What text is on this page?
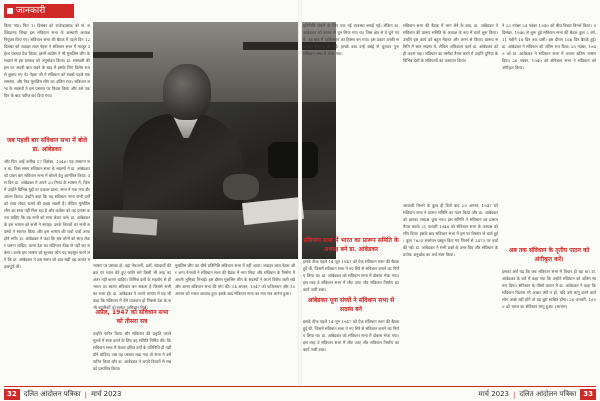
जानकारी
किया गया। फिर 1। दिसंबर को राजेन्द्रप्रसाद को सं. सच्चिदानंद सिन्हा इस संविधान सभा के अस्थायी अध्यक्ष नियुक्त किए गए। संविधान सभा की बैठक में पहले दिन 12 दिसंबर को जवाहर लाल नेहरू ने संविधान सभा में मशहूर उद्देश्य प्रस्ताव पेश किया। इसमें कांग्रेस ने भी मुसलिम लीग के सदस्य से इस प्रस्ताव को अनुमोदन किया। डा. सरस्वती की इस पर अपनी बात रखने के बाद में इसके लिए विशेष रूप से बुलाए गए थे। नेहरू जी ने संविधान को सबसे पहले एक समस्या, और फिर मुसलिम लीग का अंतिम राज। संविधान सभा के सदस्यों ने इस प्रस्ताव पर विचार किया और उसे एक दिन के बाद पारित कर दिया गया।
जब पहली बार संविधान सभा में बोले डा. आंबेडकर
और फिर आई तारीख 17 दिसंबर, 1946। यह सामान्य सत्र था, जिस समय संविधान सभा के सदस्यों ने डा. आंबेडकर को प्रथम बार संविधान सभा में बोलने हेतु आमंत्रित किया। उस दिन डा. आंबेडकर ने अपने 20 मिनट के भाषण में, जिसमें उन्होंने विभिन्न मुद्दों पर प्रकाश डाला, सभा में एक नया दौर आरंभ किया। उन्होंने कहा कि यह संविधान सभा सभी वर्गों को साथ लेकर चलने की इच्छा रखती है। लेकिन मुसलिम लीग का साथ नहीं मिल रहा है और कांग्रेस को यह प्रयास करना चाहिए कि वह सभी को साथ लेकर चले। डा. आंबेडकर के इस भाषण को सभी ने सराहा। उनके विचारों का सभी सदस्यों ने स्वागत किया और इस भाषण की चर्चा चारों तरफ होने लगी। डा. आंबेडकर ने कहा कि सब लोगों को साथ लेकर चलना चाहिए, वरना देश का संविधान ठीक से नहीं बन सकेगा। उनके इस भाषण को सुनकर लोग यह महसूस करने लगे कि डा. आंबेडकर ने उस समय जो बात रखी वह अत्यंत महत्वपूर्ण थी।	भाषण पर प्रस्ताव हो, वहां नेकजनों, दलों, संप्रदायों की ब्रज पर ध्यान देते हुए जाति धर्म किसी भी तरह का अंतर नहीं करना चाहिए। विभिन्न दलों के सहयोग से ही भारत का स्वतंत्र संविधान बन सकता है जिससे सभी का भला हो। डा. आंबेडकर ने अपने भाषण में यह भी कहा कि संविधान में ऐसे प्रावधान हों जिससे देश के सभी नागरिकों को समान अधिकार मिलें।
अप्रैल, 1947 को संविधान सभा को तीसरा सत्र
उन्होंने पारित किया और संविधान की प्रकृति अपने मूल्यों में स्पष्ट करने के लिए वह समिति निर्मित की। कि संविधान सभा में केवल दलित वर्गों के प्रतिनिधि ही नहीं होने चाहिए। जब यह प्रस्ताव रखा गया तो सभा ने उसे पारित किया और डा. आंबेडकर ने अपने विचारों से सबको प्रभावित किया।
मुसलिम लीग का चौथे प्रतिनिधि संविधान सभा में नहीं आया। जवाहर लाल नेहरू और अन्य नेताओं ने संविधान सभा की बैठक में भाग लिया और संविधान के निर्माण में अपनी भूमिका निभाई। इस दौरान मुसलिम लीग के सदस्यों ने अपने विरोध जारी रखे और अलग संविधान सभा की मांग की। 14 अगस्त, 1947 को पाकिस्तान और 15 अगस्त को भारत आजाद हुए। इसके बाद संविधान सभा का नया सत्र आरंभ हुआ।
प्रतिनिधि रोकने के लिए एक नई व्यवस्था बनाई गई। लेकिन डा. आंबेडकर को बंगाल से चुन लिया गया था। जिस क्षेत्र से वे चुने गए थे, वह बाद में पाकिस्तान का हिस्सा बन गया। इस प्रकार उनकी सदस्यता समाप्त हो गई। इसके बाद उन्हें बंबई से चुनकर पुनः संविधान सभा में भेजा गया।
संविधान सभा में भारत का प्रारूप समिति के अध्यक्ष बने डा. आंबेडकर
इसके ठीक पहले 14 जून 1947 को ऐक संविधान सभा की बैठक हुई थी, जिसमें संविधान सभा ने नए सिरे से संविधान बनाने का निर्णय लिया था। डा. आंबेडकर को संविधान सभा में दोबारा भेजा गया। इस तरह वे संविधान सभा में लौट आए और संविधान निर्माण का कार्य जारी रखा।
आंबेडकर पूना संघ्यों ने संविधान सभा से सदस्य बने
इसके ठीक पहले 14 जून 1947 को ऐक संविधान सभा की बैठक हुई थी, जिसमें संविधान सभा ने नए सिरे से संविधान बनाने का निर्णय लिया था। डा. आंबेडकर को संविधान सभा में दोबारा भेजा गया। इस तरह वे संविधान सभा में लौट आए और संविधान निर्माण का कार्य जारी रखा।
संविधान सभा की बैठक में भाग लेने के बाद, डा. आंबेडकर ने संविधान की प्रारूप समिति के अध्यक्ष के रूप में कार्य शुरू किया। उन्होंने इस कार्य को बहुत मेहनत और लगन से किया। प्रारूप समिति में सात सदस्य थे, लेकिन अधिकतर कार्य डा. आंबेडकर को ही करना पड़ा। संविधान का मसौदा तैयार करने में उन्होंने दुनिया के विभिन्न देशों के संविधानों का अध्ययन किया।
आजादी मिलने के कुछ ही दिनों बाद 29 अगस्त, 1947 को संविधान सभा ने प्रारूप समिति का गठन किया और डा. आंबेडकर को इसका अध्यक्ष चुना गया। इस समिति ने संविधान का प्रारूप तैयार करके 21 फरवरी 1948 को संविधान सभा के अध्यक्ष को सौंप दिया। इसके बाद संविधान सभा में इस पर विस्तार से चर्चा हुई। कुल 7635 संशोधन प्रस्तुत किए गए जिनमें से 2473 पर चर्चा की गई। डा. आंबेडकर ने सभी प्रश्नों के उत्तर दिए और संविधान के प्रत्येक अनुच्छेद का अर्थ स्पष्ट किया।
ने 23 नवंबर 24 नवंबर 1949 को बीच विचार विमर्श किया। 9 दिसंबर, 1946 से शुरू हुई संविधान सभा की बैठक कुल 2 वर्ष, 11 महीने 18 दिन तक चली। इस दौरान 166 दिन बैठकें हुईं। डा. आंबेडकर ने संविधान को अंतिम रूप दिया। 25 नवंबर, 1949 को डा. आंबेडकर ने संविधान सभा में अपना अंतिम भाषण दिया। 26 नवंबर, 1949 को संविधान सभा ने संविधान को अंगीकृत किया।
अब तक संविधान के तृतीय पाठन को अंगीकृत करें।
इसका अर्थ यह कि जब संविधान सभा में विचार हो रहा था। डा. आंबेडकर के बारे में कहा गया कि उन्होंने संविधान को अंतिम स्वरूप दिया। संविधान के तीसरे वाचन में डा. आंबेडकर ने कहा कि संविधान कितना भी अच्छा क्यों न हो, यदि उसे लागू करने वाले लोग अच्छे नहीं होंगे तो वह बुरा साबित होगा। 26 जनवरी, 1950 को भारत का संविधान लागू हुआ। (साभार)
32	दलित आंदोलन पत्रिका | मार्च 2023	मार्च 2023 | दलित आंदोलन पत्रिका	33
